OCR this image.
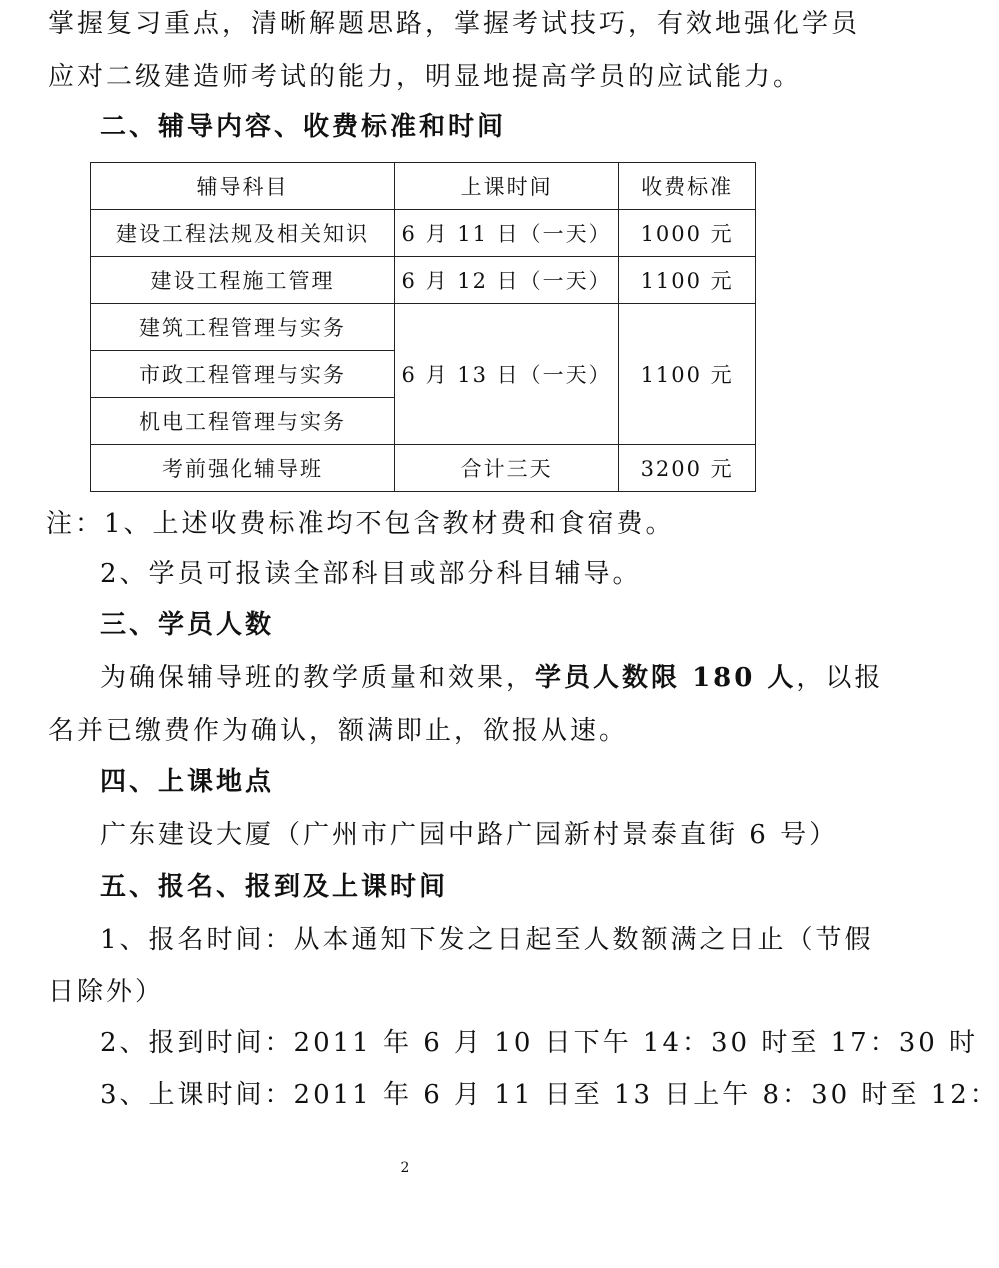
掌握复习重点，清晰解题思路，掌握考试技巧，有效地强化学员
应对二级建造师考试的能力，明显地提高学员的应试能力。
二、辅导内容、收费标准和时间
辅导科目	上课时间	收费标准
建设工程法规及相关知识	6 月 11 日（一天）	1000 元
建设工程施工管理	6 月 12 日（一天）	1100 元
建筑工程管理与实务	6 月 13 日（一天）	1100 元
市政工程管理与实务		
机电工程管理与实务		
考前强化辅导班	合计三天	3200 元
注：1、上述收费标准均不包含教材费和食宿费。
2、学员可报读全部科目或部分科目辅导。
三、学员人数
为确保辅导班的教学质量和效果，学员人数限 180 人，以报
名并已缴费作为确认，额满即止，欲报从速。
四、上课地点
广东建设大厦（广州市广园中路广园新村景泰直街 6 号）
五、报名、报到及上课时间
1、报名时间：从本通知下发之日起至人数额满之日止（节假
日除外）
2、报到时间：2011 年 6 月 10 日下午 14：30 时至 17：30 时
3、上课时间：2011 年 6 月 11 日至 13 日上午 8：30 时至 12：
2
